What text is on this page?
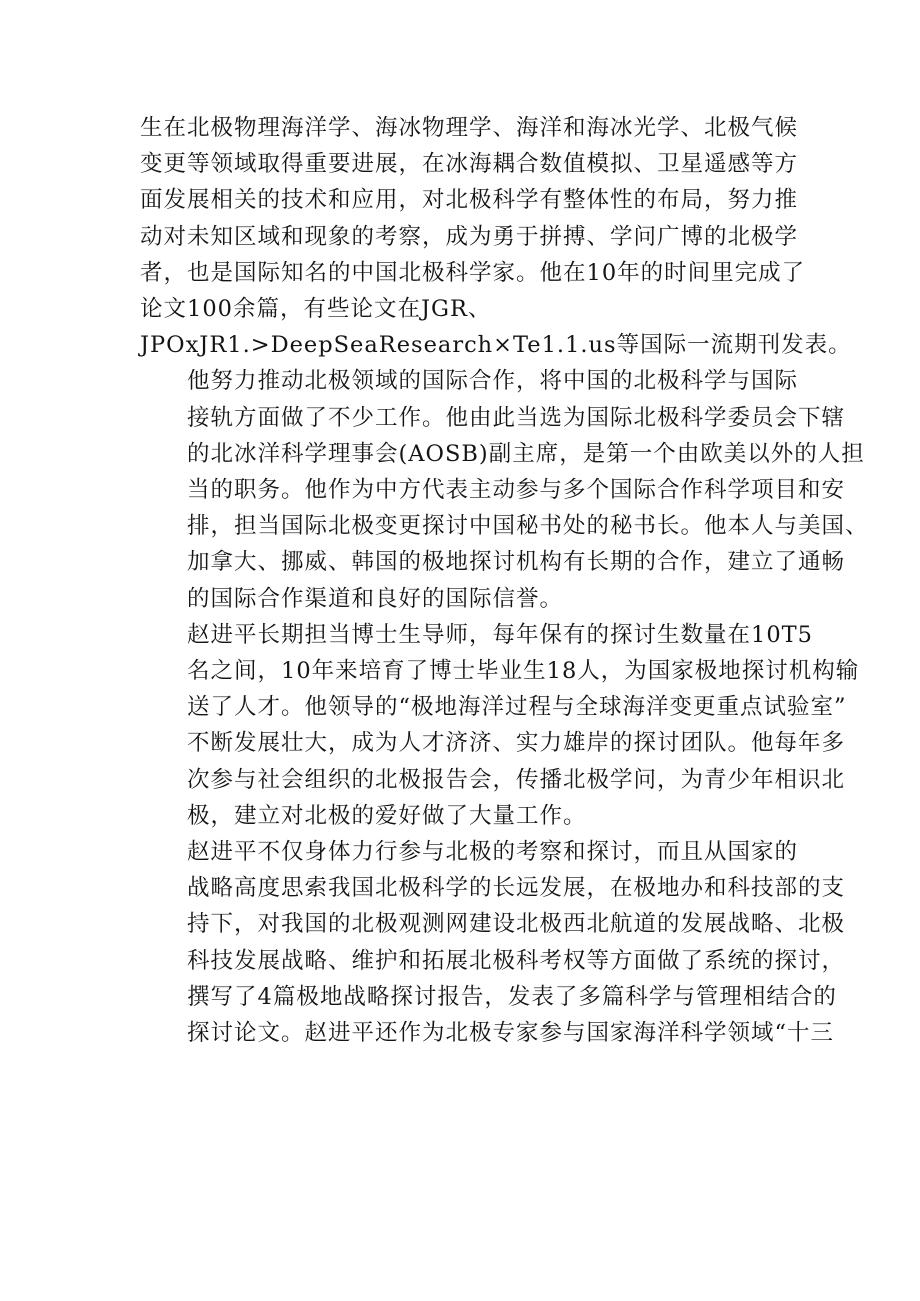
生在北极物理海洋学、海冰物理学、海洋和海冰光学、北极气候
变更等领域取得重要进展，在冰海耦合数值模拟、卫星遥感等方
面发展相关的技术和应用，对北极科学有整体性的布局，努力推
动对未知区域和现象的考察，成为勇于拼搏、学问广博的北极学
者，也是国际知名的中国北极科学家。他在10年的时间里完成了
论文100余篇，有些论文在JGR、
JPOxJR1.>DeepSeaResearch×Te1.1.us等国际一流期刊发表。

他努力推动北极领域的国际合作，将中国的北极科学与国际
接轨方面做了不少工作。他由此当选为国际北极科学委员会下辖
的北冰洋科学理事会(AOSB)副主席，是第一个由欧美以外的人担
当的职务。他作为中方代表主动参与多个国际合作科学项目和安
排，担当国际北极变更探讨中国秘书处的秘书长。他本人与美国、
加拿大、挪威、韩国的极地探讨机构有长期的合作，建立了通畅
的国际合作渠道和良好的国际信誉。

赵进平长期担当博士生导师，每年保有的探讨生数量在10T5
名之间，10年来培育了博士毕业生18人，为国家极地探讨机构输
送了人才。他领导的“极地海洋过程与全球海洋变更重点试验室”
不断发展壮大，成为人才济济、实力雄岸的探讨团队。他每年多
次参与社会组织的北极报告会，传播北极学问，为青少年相识北
极，建立对北极的爱好做了大量工作。

赵进平不仅身体力行参与北极的考察和探讨，而且从国家的
战略高度思索我国北极科学的长远发展，在极地办和科技部的支
持下，对我国的北极观测网建设北极西北航道的发展战略、北极
科技发展战略、维护和拓展北极科考权等方面做了系统的探讨，
撰写了4篇极地战略探讨报告，发表了多篇科学与管理相结合的
探讨论文。赵进平还作为北极专家参与国家海洋科学领域“十三
